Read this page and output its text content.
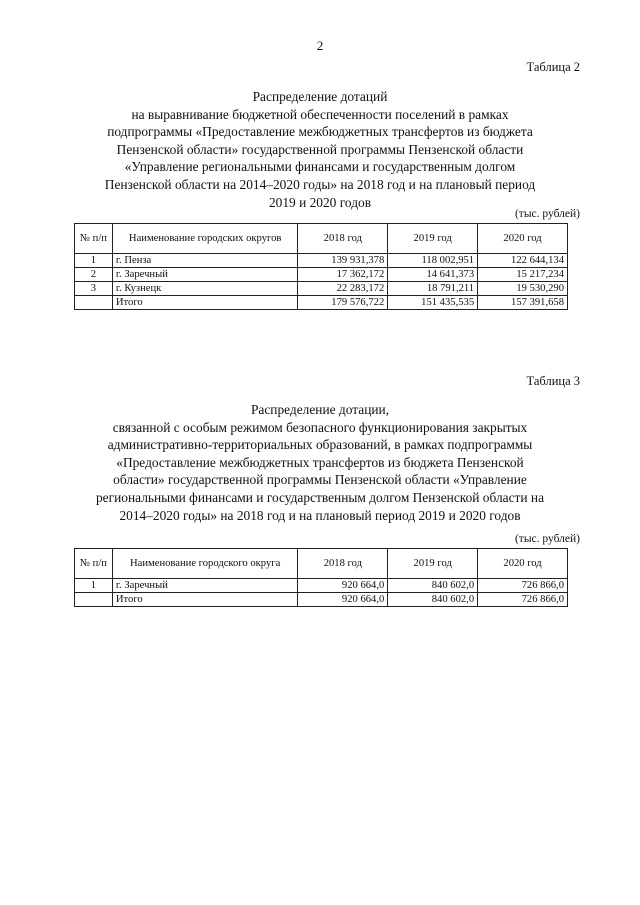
2
Таблица 2
Распределение дотаций
на выравнивание бюджетной обеспеченности поселений в рамках
подпрограммы «Предоставление межбюджетных трансфертов из бюджета
Пензенской области» государственной программы Пензенской области
«Управление региональными финансами и государственным долгом
Пензенской области на 2014–2020 годы» на 2018 год и на плановый период
2019 и 2020 годов
(тыс. рублей)
№ п/п	Наименование городских округов	2018 год	2019 год	2020 год
1	г. Пенза	139 931,378	118 002,951	122 644,134
2	г. Заречный	17 362,172	14 641,373	15 217,234
3	г. Кузнецк	22 283,172	18 791,211	19 530,290
	Итого	179 576,722	151 435,535	157 391,658
Таблица 3
Распределение дотации,
связанной с особым режимом безопасного функционирования закрытых
административно-территориальных образований, в рамках подпрограммы
«Предоставление межбюджетных трансфертов из бюджета Пензенской
области» государственной программы Пензенской области «Управление
региональными финансами и государственным долгом Пензенской области на
2014–2020 годы» на 2018 год и на плановый период 2019 и 2020 годов
(тыс. рублей)
№ п/п	Наименование городского округа	2018 год	2019 год	2020 год
1	г. Заречный	920 664,0	840 602,0	726 866,0
	Итого	920 664,0	840 602,0	726 866,0
